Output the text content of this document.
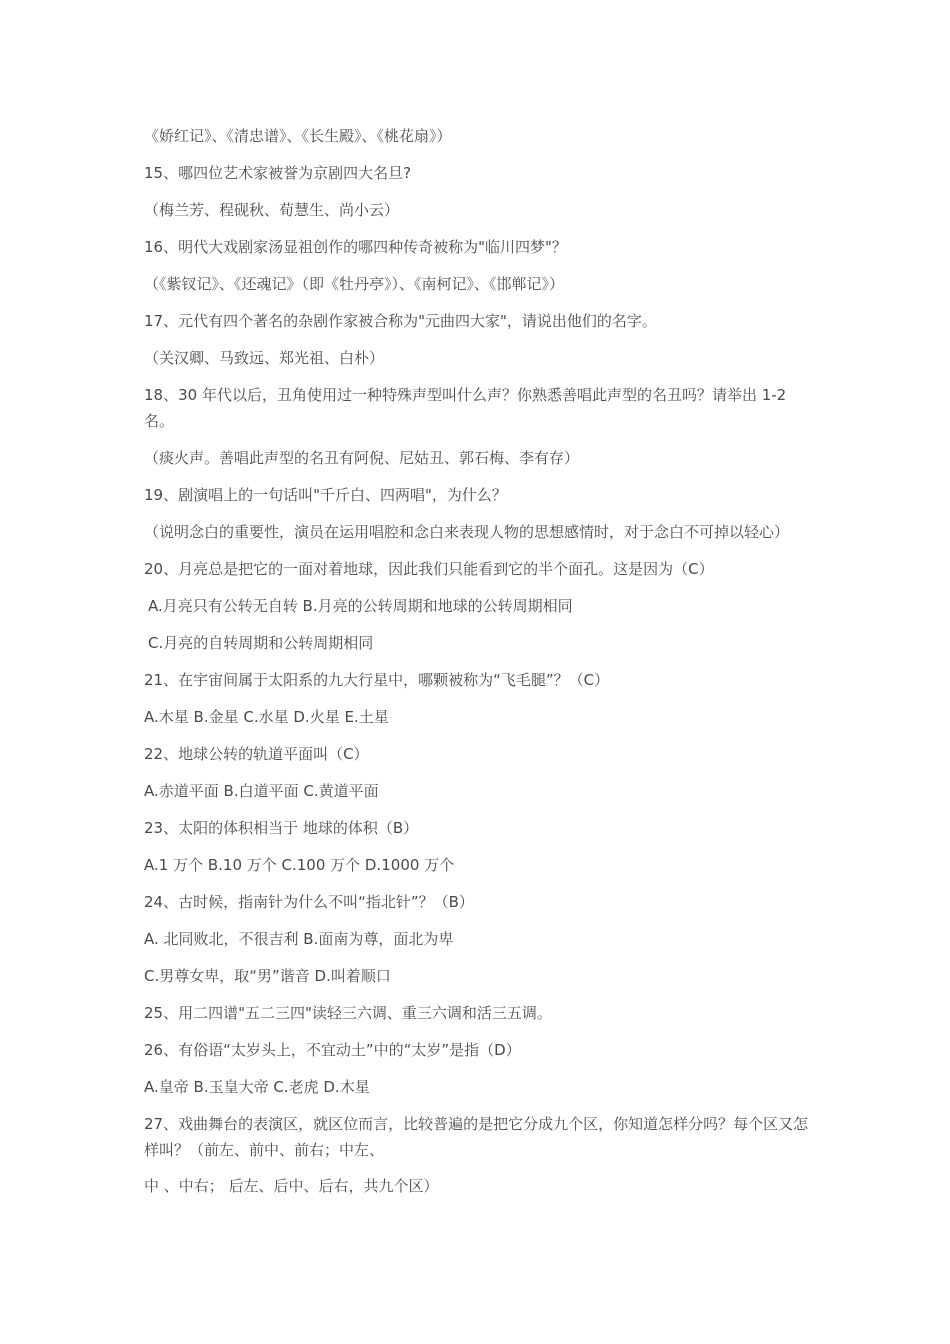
《娇红记》、《清忠谱》、《长生殿》、《桃花扇》）
15、哪四位艺术家被誉为京剧四大名旦?
（梅兰芳、程砚秋、荀慧生、尚小云）
16、明代大戏剧家汤显祖创作的哪四种传奇被称为"临川四梦"？
（《紫钗记》、《还魂记》（即《牡丹亭》）、《南柯记》、《邯郸记》）
17、元代有四个著名的杂剧作家被合称为"元曲四大家"，请说出他们的名字。
（关汉卿、马致远、郑光祖、白朴）
18、30 年代以后，丑角使用过一种特殊声型叫什么声？你熟悉善唱此声型的名丑吗？请举出 1-2 名。
（痰火声。善唱此声型的名丑有阿倪、尼姑丑、郭石梅、李有存）
19、剧演唱上的一句话叫"千斤白、四两唱"，为什么？
（说明念白的重要性，演员在运用唱腔和念白来表现人物的思想感情时，对于念白不可掉以轻心）
20、月亮总是把它的一面对着地球，因此我们只能看到它的半个面孔。这是因为（C）
A.月亮只有公转无自转 B.月亮的公转周期和地球的公转周期相同
C.月亮的自转周期和公转周期相同
21、在宇宙间属于太阳系的九大行星中，哪颗被称为“飞毛腿”？（C）
A.木星 B.金星 C.水星 D.火星 E.土星
22、地球公转的轨道平面叫（C）
A.赤道平面 B.白道平面 C.黄道平面
23、太阳的体积相当于 地球的体积（B）
A.1 万个 B.10 万个 C.100 万个 D.1000 万个
24、古时候，指南针为什么不叫“指北针”？（B）
A. 北同败北，不很吉利 B.面南为尊，面北为卑
C.男尊女卑，取“男”谐音 D.叫着顺口
25、用二四谱"五二三四"读轻三六调、重三六调和活三五调。
26、有俗语“太岁头上，不宜动土”中的“太岁”是指（D）
A.皇帝 B.玉皇大帝 C.老虎 D.木星
27、戏曲舞台的表演区，就区位而言，比较普遍的是把它分成九个区，你知道怎样分吗？每个区又怎样叫？（前左、前中、前右；中左、
中 、中右； 后左、后中、后右，共九个区）
